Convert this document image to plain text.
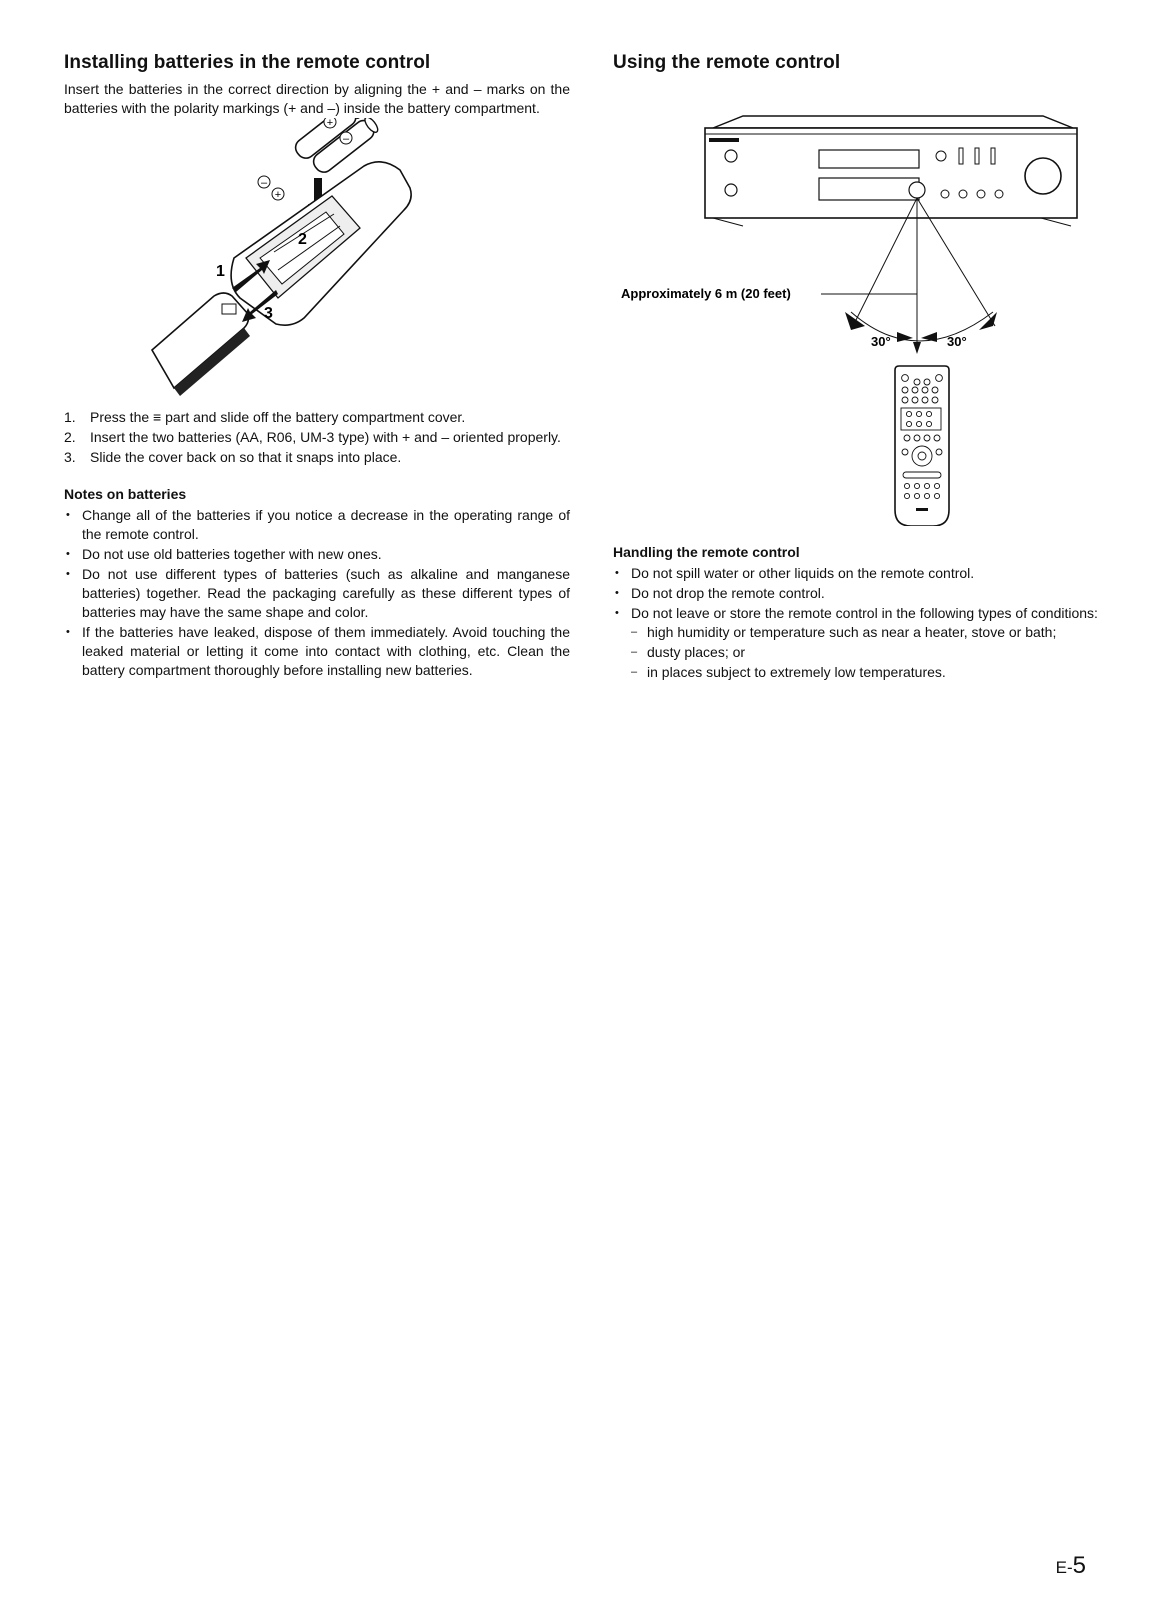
Installing batteries in the remote control

Insert the batteries in the correct direction by aligning the + and – marks on the batteries with the polarity markings (+ and –) inside the battery compartment.

+
–
–
+
1
2
3
1. Press the ≡ part and slide off the battery compartment cover.
2. Insert the two batteries (AA, R06, UM-3 type) with + and – oriented properly.
3. Slide the cover back on so that it snaps into place.
Notes on batteries
• Change all of the batteries if you notice a decrease in the operating range of the remote control.
• Do not use old batteries together with new ones.
• Do not use different types of batteries (such as alkaline and manganese batteries) together. Read the packaging carefully as these different types of batteries may have the same shape and color.
• If the batteries have leaked, dispose of them immediately. Avoid touching the leaked material or letting it come into contact with clothing, etc. Clean the battery compartment thoroughly before installing new batteries.
Using the remote control
Approximately 6 m (20 feet)
30°	30°
Handling the remote control
• Do not spill water or other liquids on the remote control.
• Do not drop the remote control.
• Do not leave or store the remote control in the following types of conditions:
– high humidity or temperature such as near a heater, stove or bath;
– dusty places; or
– in places subject to extremely low temperatures.
E-5
